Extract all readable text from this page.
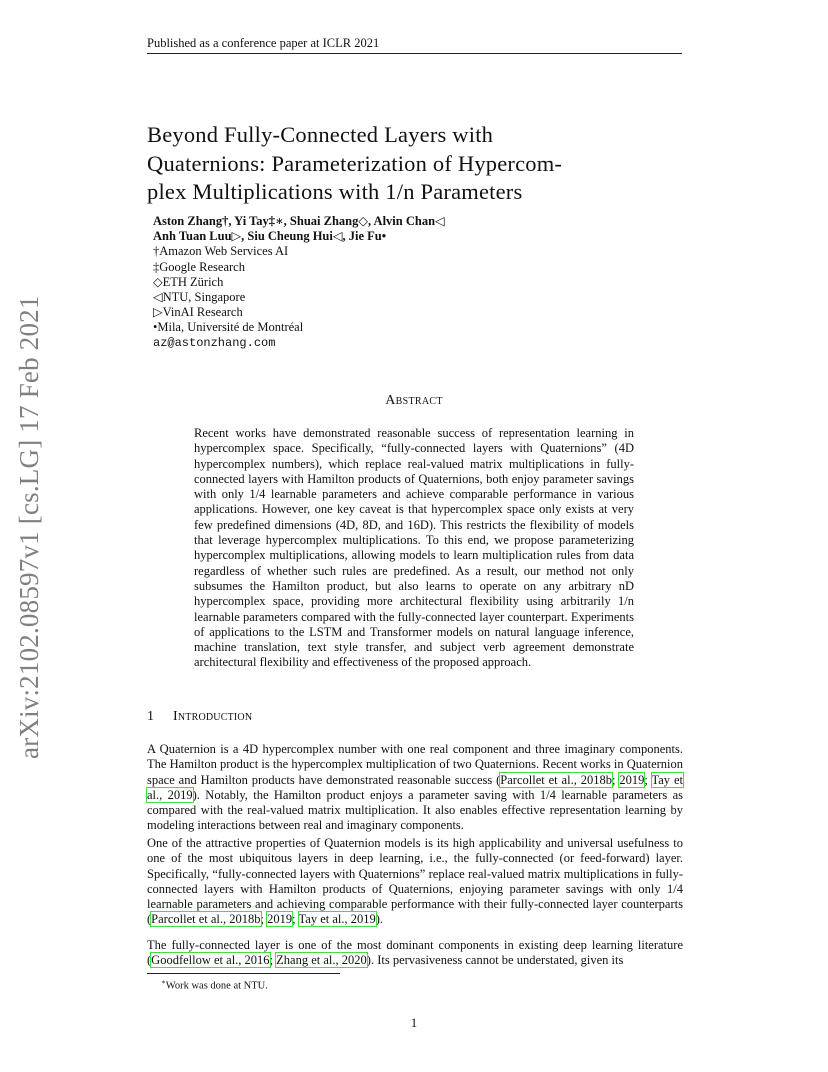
Published as a conference paper at ICLR 2021
arXiv:2102.08597v1 [cs.LG] 17 Feb 2021
Beyond Fully-Connected Layers with
Quaternions: Parameterization of Hypercom-
plex Multiplications with 1/n Parameters
Aston Zhang†, Yi Tay‡∗, Shuai Zhang◇, Alvin Chan◁
Anh Tuan Luu▷, Siu Cheung Hui◁, Jie Fu•
†Amazon Web Services AI
‡Google Research
◇ETH Zürich
◁NTU, Singapore
▷VinAI Research
•Mila, Université de Montréal
az@astonzhang.com
Abstract
Recent works have demonstrated reasonable success of representation learning in hypercomplex space. Specifically, “fully-connected layers with Quaternions” (4D hypercomplex numbers), which replace real-valued matrix multiplications in fully-connected layers with Hamilton products of Quaternions, both enjoy parameter savings with only 1/4 learnable parameters and achieve comparable performance in various applications. However, one key caveat is that hypercomplex space only exists at very few predefined dimensions (4D, 8D, and 16D). This restricts the flexibility of models that leverage hypercomplex multiplications. To this end, we propose parameterizing hypercomplex multiplications, allowing models to learn multiplication rules from data regardless of whether such rules are predefined. As a result, our method not only subsumes the Hamilton product, but also learns to operate on any arbitrary nD hypercomplex space, providing more architectural flexibility using arbitrarily 1/n learnable parameters compared with the fully-connected layer counterpart. Experiments of applications to the LSTM and Transformer models on natural language inference, machine translation, text style transfer, and subject verb agreement demonstrate architectural flexibility and effectiveness of the proposed approach.
1 Introduction

A Quaternion is a 4D hypercomplex number with one real component and three imaginary components. The Hamilton product is the hypercomplex multiplication of two Quaternions. Recent works in Quaternion space and Hamilton products have demonstrated reasonable success (Parcollet et al., 2018b; 2019; Tay et al., 2019). Notably, the Hamilton product enjoys a parameter saving with 1/4 learnable parameters as compared with the real-valued matrix multiplication. It also enables effective representation learning by modeling interactions between real and imaginary components.

One of the attractive properties of Quaternion models is its high applicability and universal usefulness to one of the most ubiquitous layers in deep learning, i.e., the fully-connected (or feed-forward) layer. Specifically, “fully-connected layers with Quaternions” replace real-valued matrix multiplications in fully-connected layers with Hamilton products of Quaternions, enjoying parameter savings with only 1/4 learnable parameters and achieving comparable performance with their fully-connected layer counterparts (Parcollet et al., 2018b; 2019; Tay et al., 2019).

The fully-connected layer is one of the most dominant components in existing deep learning literature (Goodfellow et al., 2016; Zhang et al., 2020). Its pervasiveness cannot be understated, given its

∗Work was done at NTU.
1
